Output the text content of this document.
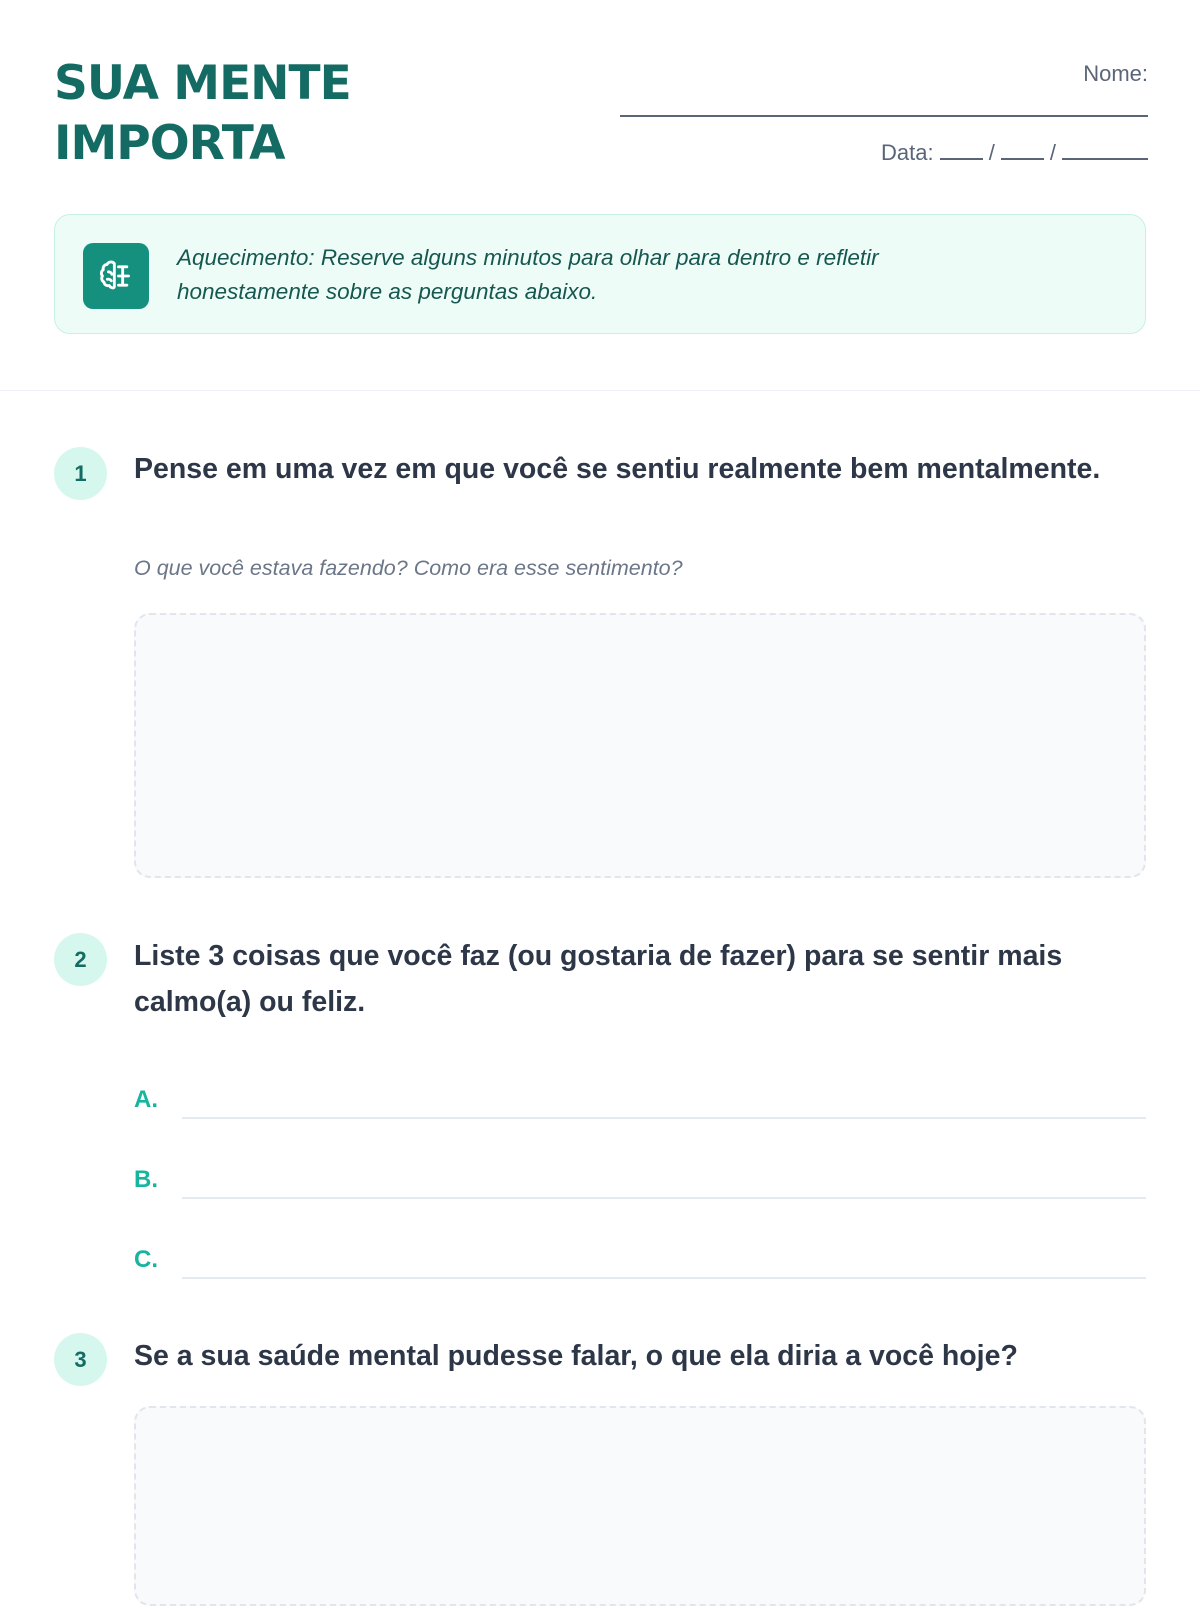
SUA MENTE
IMPORTA
Nome:
Data:	/	/

Aquecimento: Reserve alguns minutos para olhar para dentro e refletir honestamente sobre as perguntas abaixo.

1	Pense em uma vez em que você se sentiu realmente bem mentalmente.

O que você estava fazendo? Como era esse sentimento?

2	Liste 3 coisas que você faz (ou gostaria de fazer) para se sentir mais calmo(a) ou feliz.

A.
B.
C.
3	Se a sua saúde mental pudesse falar, o que ela diria a você hoje?
